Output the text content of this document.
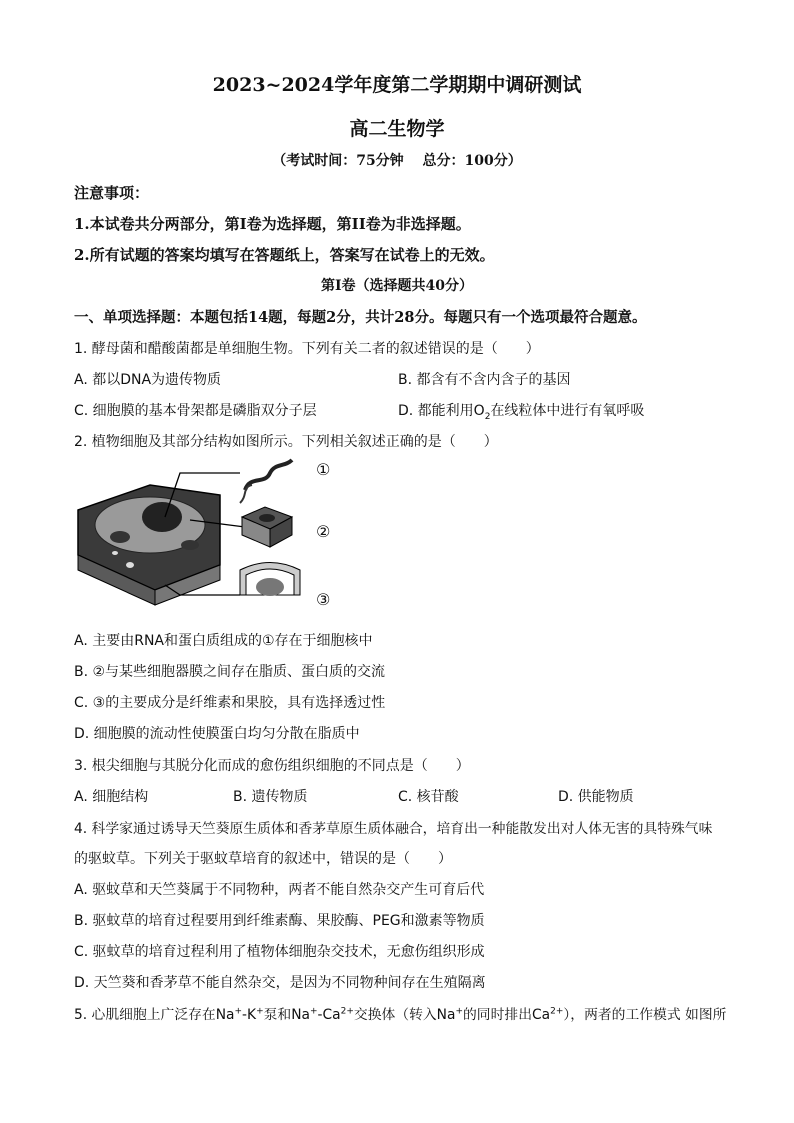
2023~2024学年度第二学期期中调研测试
高二生物学
（考试时间：75分钟　 总分：100分）
注意事项：
1.本试卷共分两部分，第I卷为选择题，第II卷为非选择题。
2.所有试题的答案均填写在答题纸上，答案写在试卷上的无效。
第I卷（选择题共40分）
一、单项选择题：本题包括14题，每题2分，共计28分。每题只有一个选项最符合题意。
1. 酵母菌和醋酸菌都是单细胞生物。下列有关二者的叙述错误的是（　　）
A. 都以DNA为遗传物质	B. 都含有不含内含子的基因
C. 细胞膜的基本骨架都是磷脂双分子层	D. 都能利用$O_2$在线粒体中进行有氧呼吸
2. 植物细胞及其部分结构如图所示。下列相关叙述正确的是（　　）
①
②
③
A. 主要由RNA和蛋白质组成的①存在于细胞核中
B. ②与某些细胞器膜之间存在脂质、蛋白质的交流
C. ③的主要成分是纤维素和果胶，具有选择透过性
D. 细胞膜的流动性使膜蛋白均匀分散在脂质中
3. 根尖细胞与其脱分化而成的愈伤组织细胞的不同点是（　　）
A. 细胞结构	B. 遗传物质	C. 核苷酸	D. 供能物质
4. 科学家通过诱导天竺葵原生质体和香茅草原生质体融合，培育出一种能散发出对人体无害的具特殊气味
的驱蚊草。下列关于驱蚊草培育的叙述中，错误的是（　　）
A. 驱蚊草和天竺葵属于不同物种，两者不能自然杂交产生可育后代
B. 驱蚊草的培育过程要用到纤维素酶、果胶酶、PEG和激素等物质
C. 驱蚊草的培育过程利用了植物体细胞杂交技术，无愈伤组织形成
D. 天竺葵和香茅草不能自然杂交，是因为不同物种间存在生殖隔离
5. 心肌细胞上广泛存在Na+-K+泵和$Na^+-Ca^{2+}$交换体（转入Na+的同时排出$Ca^{2+}$），两者的工作模式 如图所
